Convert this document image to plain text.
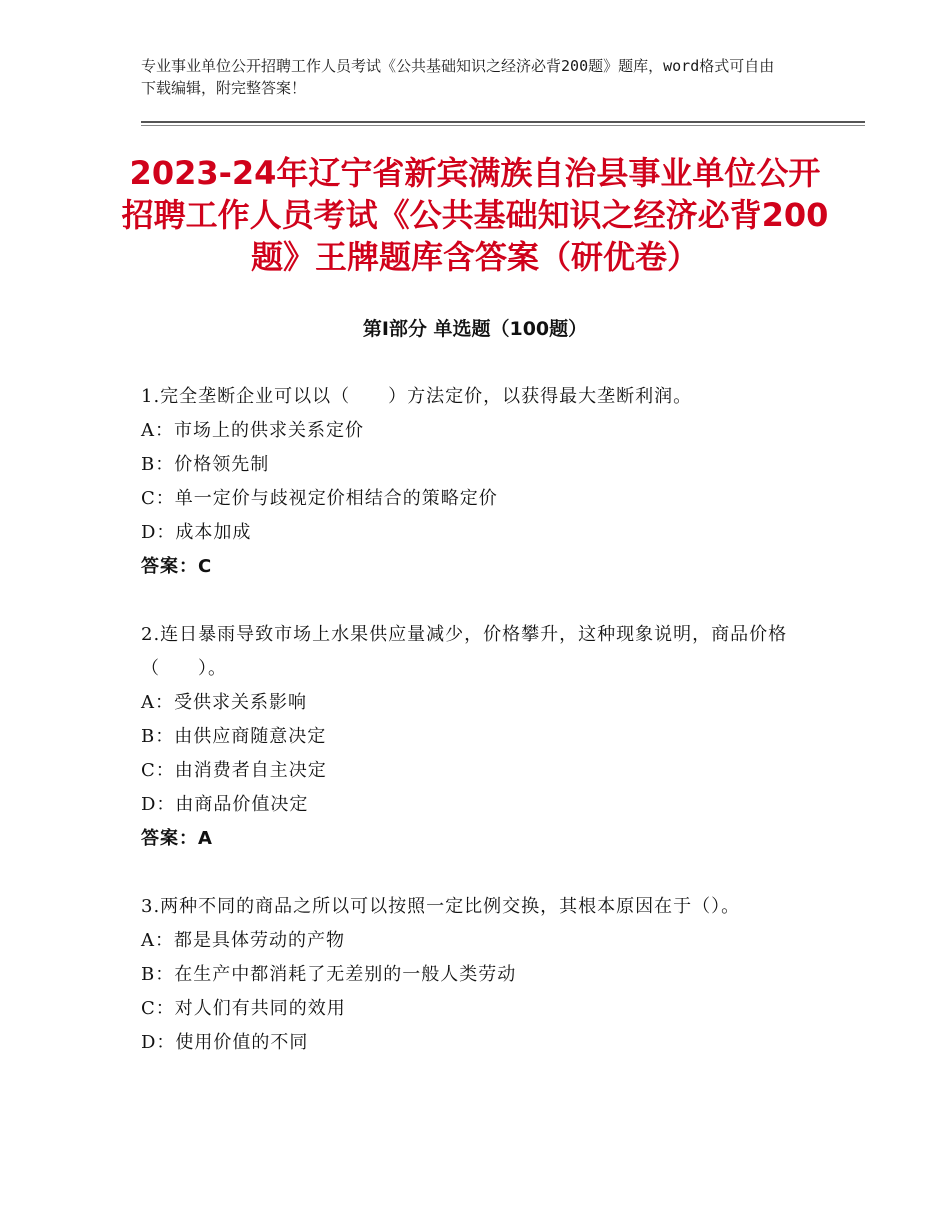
专业事业单位公开招聘工作人员考试《公共基础知识之经济必背200题》题库，word格式可自由下载编辑，附完整答案！
2023-24年辽宁省新宾满族自治县事业单位公开招聘工作人员考试《公共基础知识之经济必背200题》王牌题库含答案（研优卷）
第Ⅰ部分 单选题（100题）
1.完全垄断企业可以以（　　）方法定价，以获得最大垄断利润。
A：市场上的供求关系定价
B：价格领先制
C：单一定价与歧视定价相结合的策略定价
D：成本加成
答案：C
2.连日暴雨导致市场上水果供应量减少，价格攀升，这种现象说明，商品价格（　　）。
A：受供求关系影响
B：由供应商随意决定
C：由消费者自主决定
D：由商品价值决定
答案：A
3.两种不同的商品之所以可以按照一定比例交换，其根本原因在于（）。
A：都是具体劳动的产物
B：在生产中都消耗了无差别的一般人类劳动
C：对人们有共同的效用
D：使用价值的不同
